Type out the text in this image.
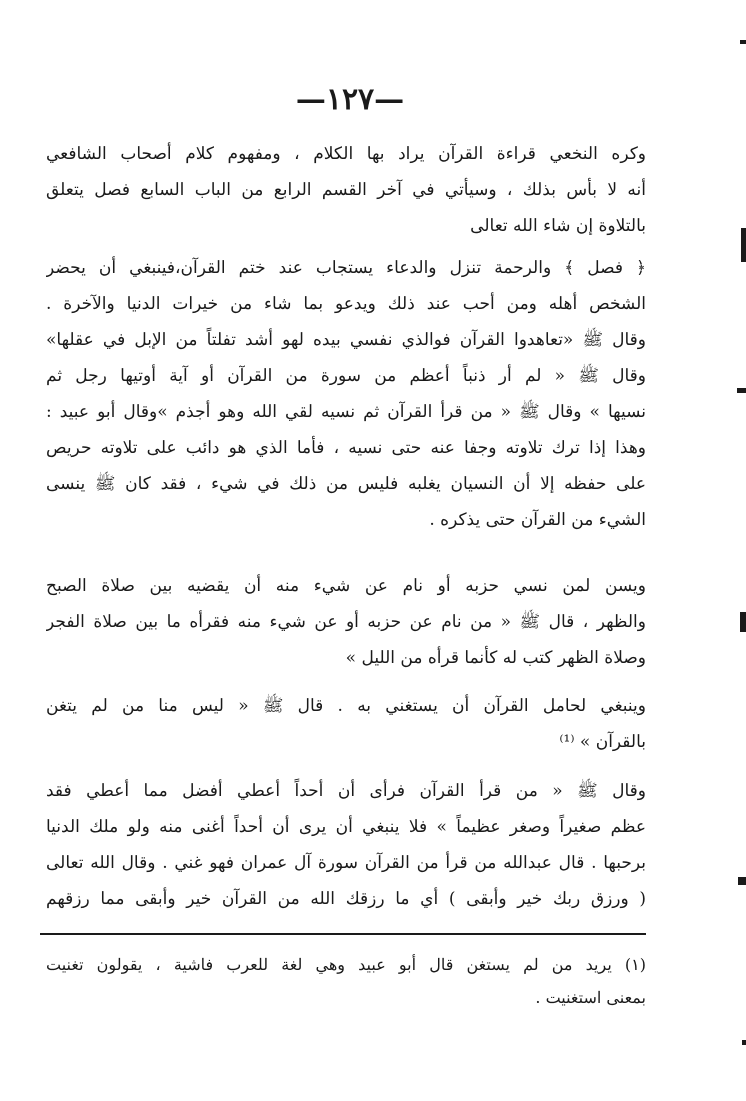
—١٢٧—
وكره النخعي قراءة القرآن يراد بها الكلام ، ومفهوم كلام أصحاب الشافعي
أنه لا بأس بذلك ، وسيأتي في آخر القسم الرابع من الباب السابع فصل يتعلق
بالتلاوة إن شاء الله تعالى
﴿ فصل ﴾ والرحمة تنزل والدعاء يستجاب عند ختم القرآن،فينبغي أن يحضر
الشخص أهله ومن أحب عند ذلك ويدعو بما شاء من خيرات الدنيا والآخرة .
وقال ﷺ «تعاهدوا القرآن فوالذي نفسي بيده لهو أشد تفلتاً من الإبل في عقلها»
وقال ﷺ « لم أر ذنباً أعظم من سورة من القرآن أو آية أوتيها رجل ثم
نسيها » وقال ﷺ « من قرأ القرآن ثم نسيه لقي الله وهو أجذم »وقال أبو عبيد :
وهذا إذا ترك تلاوته وجفا عنه حتى نسيه ، فأما الذي هو دائب على تلاوته حريص
على حفظه إلا أن النسيان يغلبه فليس من ذلك في شيء ، فقد كان ﷺ ينسى
الشيء من القرآن حتى يذكره .
ويسن لمن نسي حزبه أو نام عن شيء منه أن يقضيه بين صلاة الصبح
والظهر ، قال ﷺ « من نام عن حزبه أو عن شيء منه فقرأه ما بين صلاة الفجر
وصلاة الظهر كتب له كأنما قرأه من الليل »
وينبغي لحامل القرآن أن يستغني به . قال ﷺ « ليس منا من لم يتغن
بالقرآن » ⁽¹⁾
وقال ﷺ « من قرأ القرآن فرأى أن أحداً أعطي أفضل مما أعطي فقد
عظم صغيراً وصغر عظيماً » فلا ينبغي أن يرى أن أحداً أغنى منه ولو ملك الدنيا
برحبها . قال عبدالله من قرأ من القرآن سورة آل عمران فهو غني . وقال الله تعالى
( ورزق ربك خير وأبقى ) أي ما رزقك الله من القرآن خير وأبقى مما رزقهم
(١) يريد من لم يستغن قال أبو عبيد وهي لغة للعرب فاشية ، يقولون تغنيت
بمعنى استغنيت .
